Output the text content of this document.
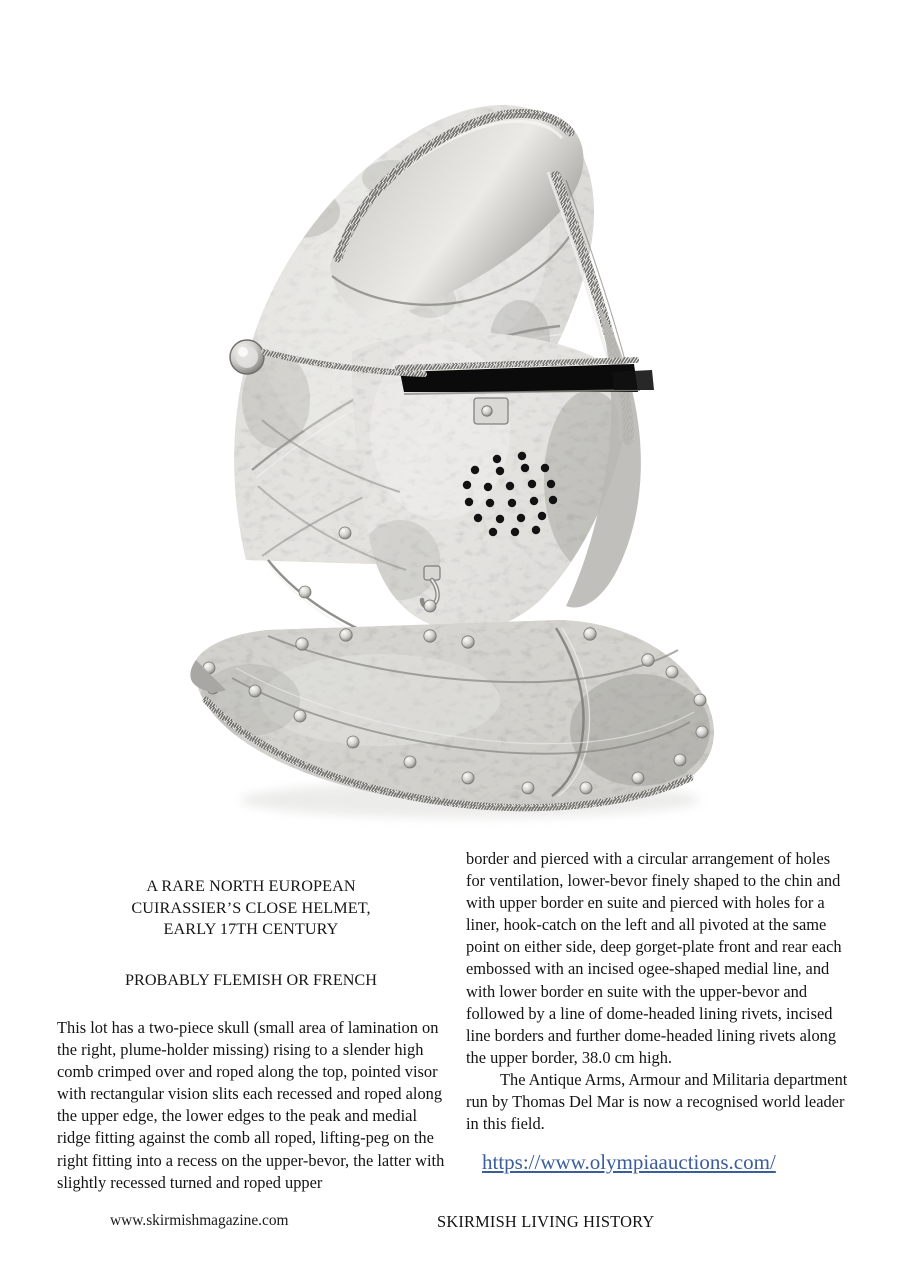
A RARE NORTH EUROPEAN
CUIRASSIER’S CLOSE HELMET,
EARLY 17TH CENTURY
PROBABLY FLEMISH OR FRENCH

This lot has a two-piece skull (small area of lamination on the right, plume-holder missing) rising to a slender high comb crimped over and roped along the top, pointed visor with rectangular vision slits each recessed and roped along the upper edge, the lower edges to the peak and medial ridge fitting against the comb all roped, lifting-peg on the right fitting into a recess on the upper-bevor, the latter with slightly recessed turned and roped upper

border and pierced with a circular arrangement of holes for ventilation, lower-bevor finely shaped to the chin and with upper border en suite and pierced with holes for a liner, hook-catch on the left and all pivoted at the same point on either side, deep gorget-plate front and rear each embossed with an incised ogee-shaped medial line, and with lower border en suite with the upper-bevor and followed by a line of dome-headed lining rivets, incised line borders and further dome-headed lining rivets along the upper border, 38.0 cm high.

The Antique Arms, Armour and Militaria department run by Thomas Del Mar is now a recognised world leader in this field.

https://www.olympiaauctions.com/

www.skirmishmagazine.com	SKIRMISH LIVING HISTORY
